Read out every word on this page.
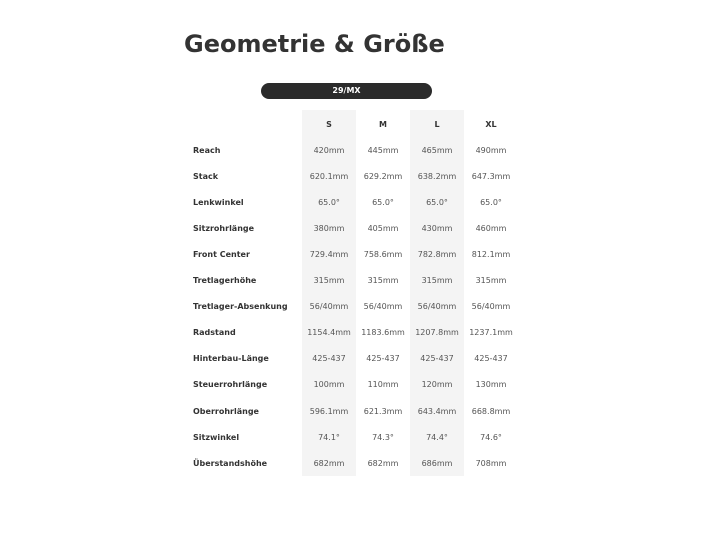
Geometrie & Größe
29/MX
	S	M	L	XL
Reach	420mm	445mm	465mm	490mm
Stack	620.1mm	629.2mm	638.2mm	647.3mm
Lenkwinkel	65.0°	65.0°	65.0°	65.0°
Sitzrohrlänge	380mm	405mm	430mm	460mm
Front Center	729.4mm	758.6mm	782.8mm	812.1mm
Tretlagerhöhe	315mm	315mm	315mm	315mm
Tretlager-Absenkung	56/40mm	56/40mm	56/40mm	56/40mm
Radstand	1154.4mm	1183.6mm	1207.8mm	1237.1mm
Hinterbau-Länge	425-437	425-437	425-437	425-437
Steuerrohrlänge	100mm	110mm	120mm	130mm
Oberrohrlänge	596.1mm	621.3mm	643.4mm	668.8mm
Sitzwinkel	74.1°	74.3°	74.4°	74.6°
Überstandshöhe	682mm	682mm	686mm	708mm
